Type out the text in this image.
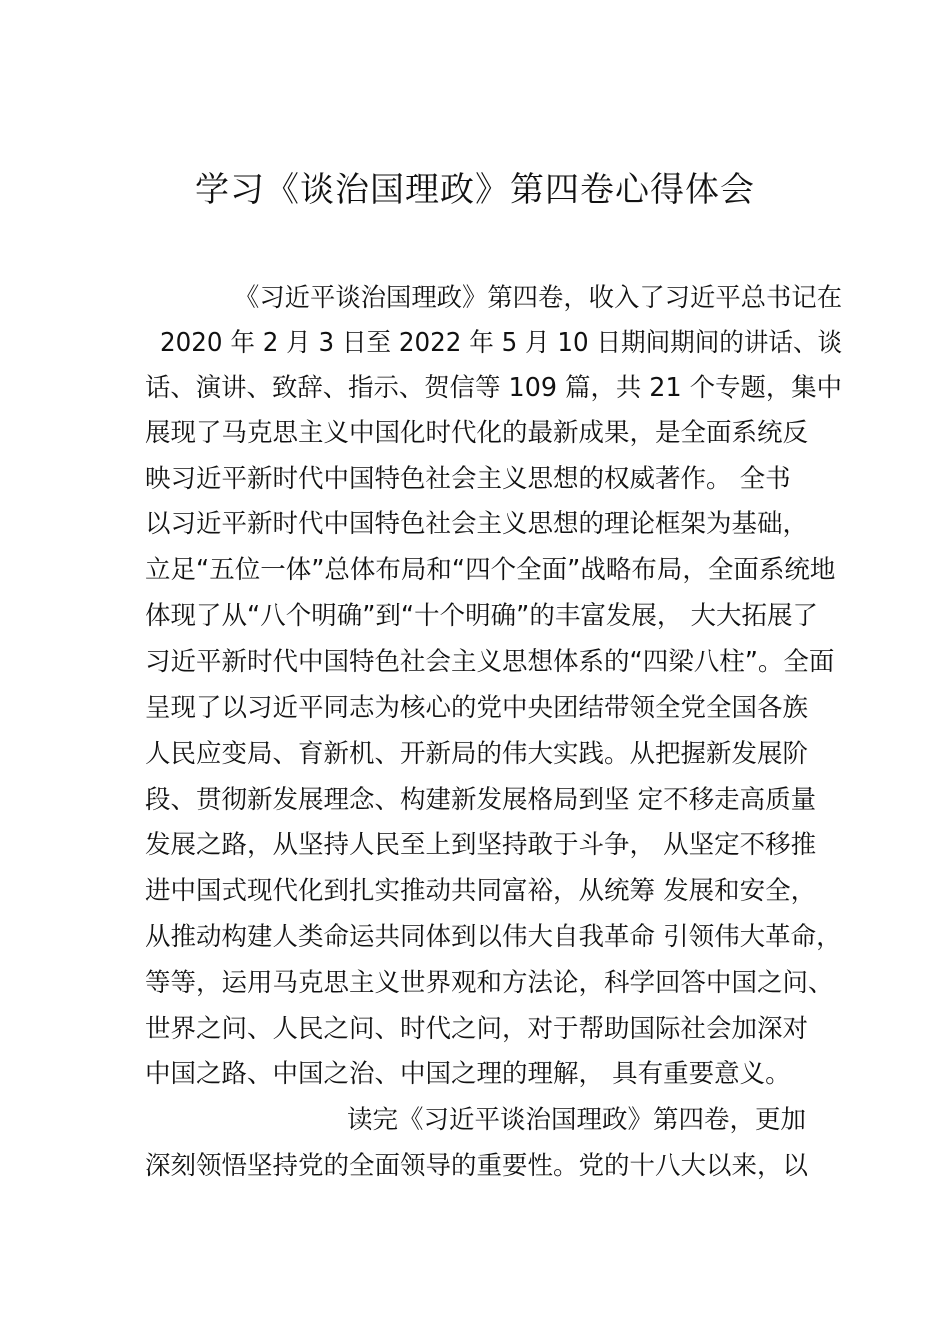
学习《谈治国理政》第四卷心得体会
《习近平谈治国理政》第四卷，收入了习近平总书记在
2020 年 2 月 3 日至 2022 年 5 月 10 日期间期间的讲话、谈
话、演讲、致辞、指示、贺信等 109 篇，共 21 个专题，集中
展现了马克思主义中国化时代化的最新成果，是全面系统反
映习近平新时代中国特色社会主义思想的权威著作。 全书
以习近平新时代中国特色社会主义思想的理论框架为基础，
立足“五位一体”总体布局和“四个全面”战略布局，全面系统地
体现了从“八个明确”到“十个明确”的丰富发展， 大大拓展了
习近平新时代中国特色社会主义思想体系的“四梁八柱”。全面
呈现了以习近平同志为核心的党中央团结带领全党全国各族
人民应变局、育新机、开新局的伟大实践。从把握新发展阶
段、贯彻新发展理念、构建新发展格局到坚 定不移走高质量
发展之路，从坚持人民至上到坚持敢于斗争， 从坚定不移推
进中国式现代化到扎实推动共同富裕，从统筹 发展和安全，
从推动构建人类命运共同体到以伟大自我革命 引领伟大革命，
等等，运用马克思主义世界观和方法论，科学回答中国之问、
世界之问、人民之问、时代之问，对于帮助国际社会加深对
中国之路、中国之治、中国之理的理解， 具有重要意义。
读完《习近平谈治国理政》第四卷，更加
深刻领悟坚持党的全面领导的重要性。党的十八大以来，以
